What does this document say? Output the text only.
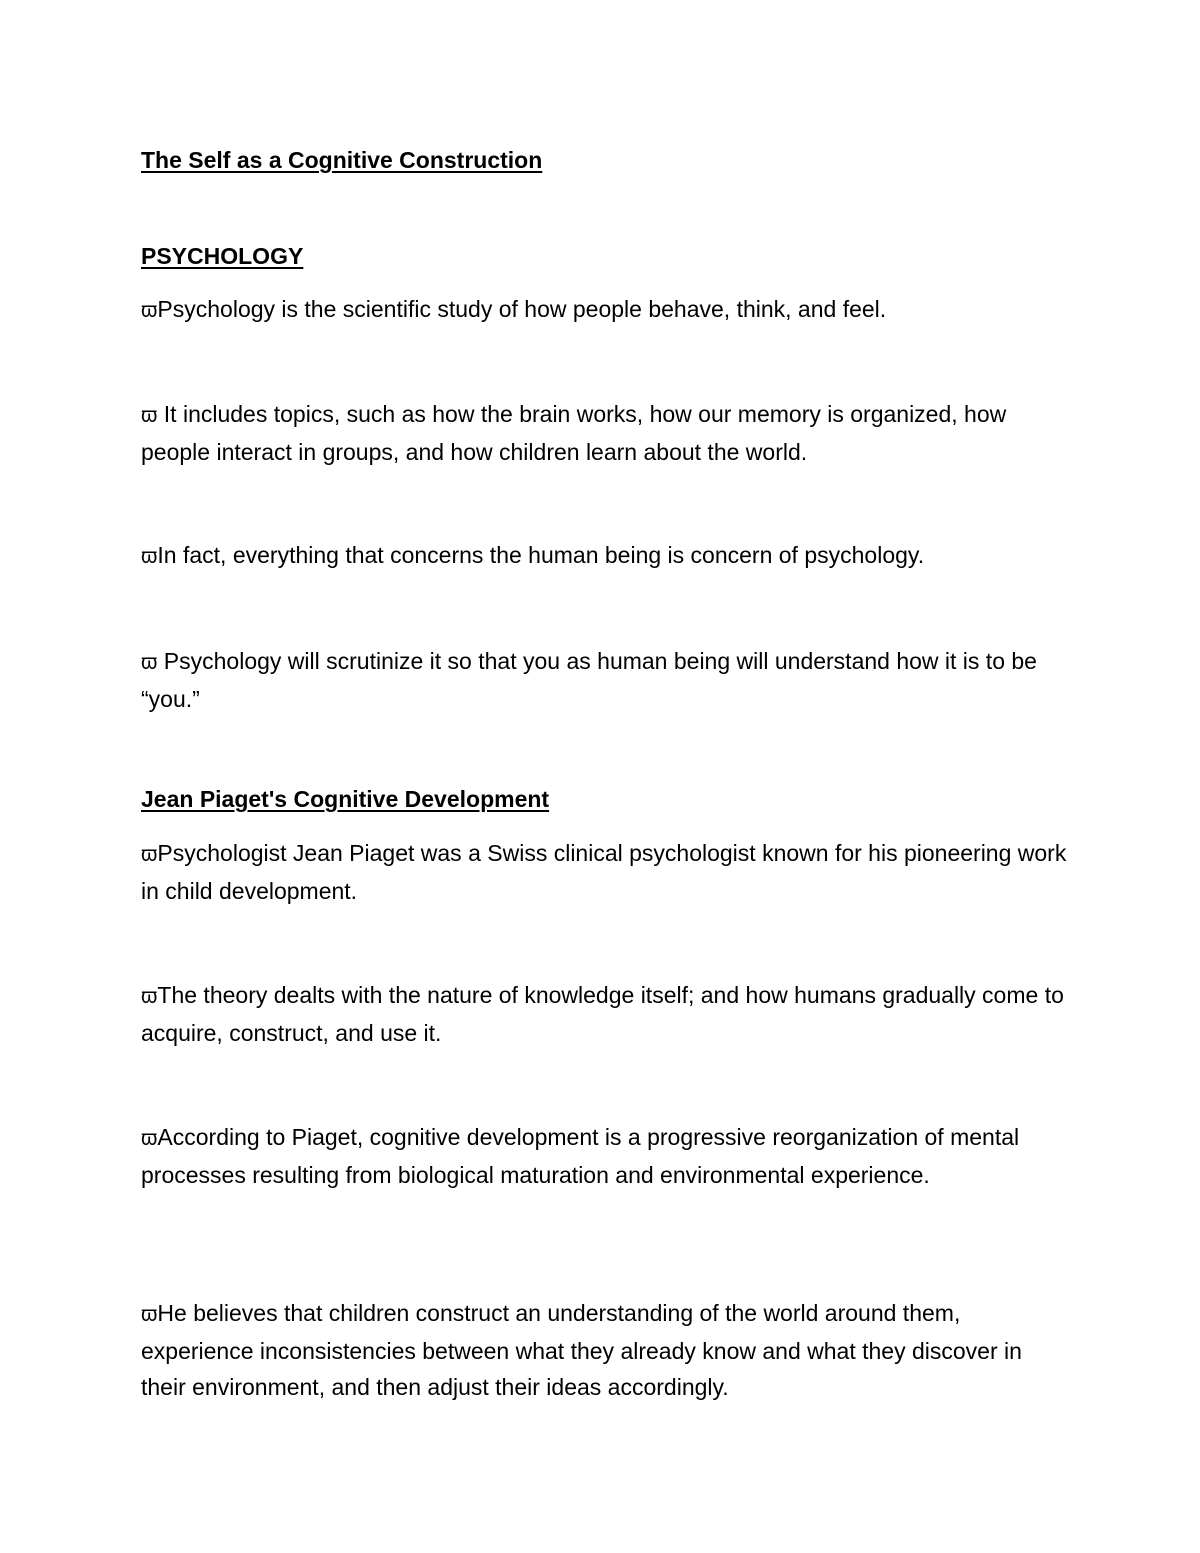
The Self as a Cognitive Construction
PSYCHOLOGY
ϖPsychology is the scientific study of how people behave, think, and feel.
ϖ It includes topics, such as how the brain works, how our memory is organized, how people interact in groups, and how children learn about the world.
ϖIn fact, everything that concerns the human being is concern of psychology.
ϖ Psychology will scrutinize it so that you as human being will understand how it is to be “you.”
Jean Piaget's Cognitive Development
ϖPsychologist Jean Piaget was a Swiss clinical psychologist known for his pioneering work in child development.
ϖThe theory dealts with the nature of knowledge itself; and how humans gradually come to acquire, construct, and use it.
ϖAccording to Piaget, cognitive development is a progressive reorganization of mental processes resulting from biological maturation and environmental experience.
ϖHe believes that children construct an understanding of the world around them, experience inconsistencies between what they already know and what they discover in their environment, and then adjust their ideas accordingly.
